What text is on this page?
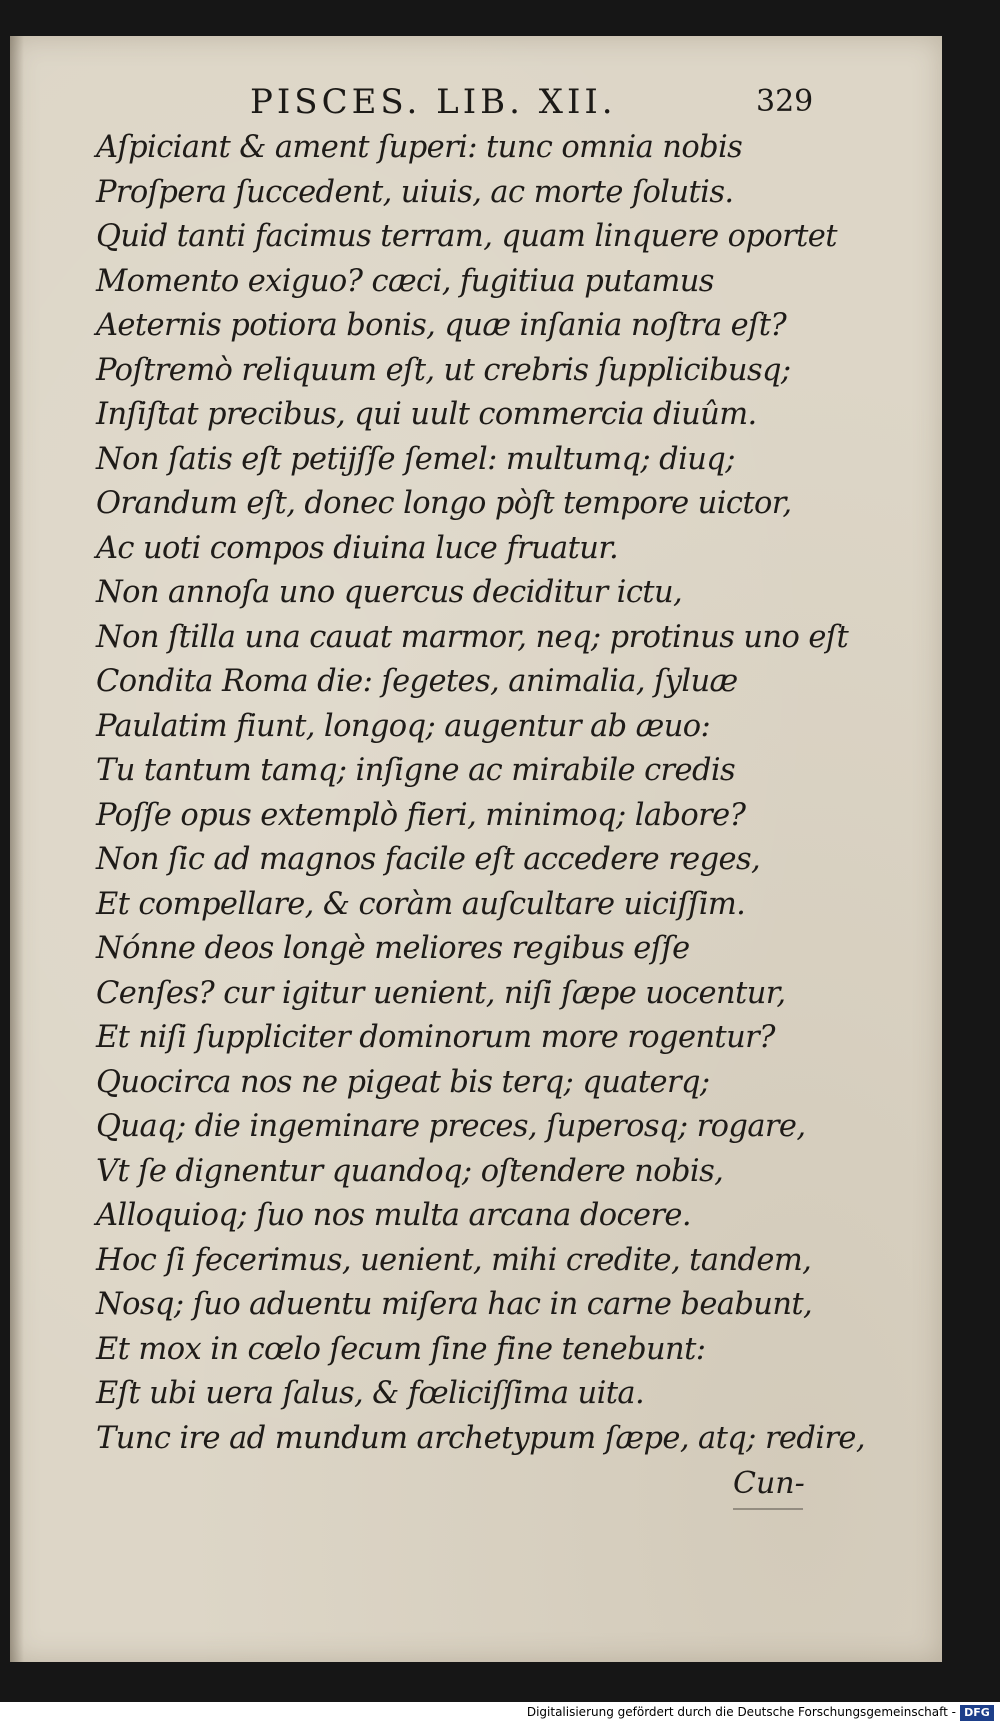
PISCES. LIB. XII.	329
Aſpiciant & ament ſuperi: tunc omnia nobis
Proſpera ſuccedent, uiuis, ac morte ſolutis.
Quid tanti facimus terram, quam linquere oportet
Momento exiguo? cæci, fugitiua putamus
Aeternis potiora bonis, quæ inſania noſtra eſt?
Poſtremò reliquum eſt, ut crebris ſupplicibusq;
Inſiſtat precibus, qui uult commercia diuûm.
Non ſatis eſt petijſſe ſemel: multumq; diuq;
Orandum eſt, donec longo pòſt tempore uictor,
Ac uoti compos diuina luce fruatur.
Non annoſa uno quercus deciditur ictu,
Non ſtilla una cauat marmor, neq; protinus uno eſt
Condita Roma die: ſegetes, animalia, ſyluæ
Paulatim fiunt, longoq; augentur ab æuo:
Tu tantum tamq; inſigne ac mirabile credis
Poſſe opus extemplò fieri, minimoq; labore?
Non ſic ad magnos facile eſt accedere reges,
Et compellare, & coràm auſcultare uiciſſim.
Nónne deos longè meliores regibus eſſe
Cenſes? cur igitur uenient, niſi ſæpe uocentur,
Et niſi ſuppliciter dominorum more rogentur?
Quocirca nos ne pigeat bis terq; quaterq;
Quaq; die ingeminare preces, ſuperosq; rogare,
Vt ſe dignentur quandoq; oſtendere nobis,
Alloquioq; ſuo nos multa arcana docere.
Hoc ſi fecerimus, uenient, mihi credite, tandem,
Nosq; ſuo aduentu miſera hac in carne beabunt,
Et mox in cœlo ſecum ſine fine tenebunt:
Eſt ubi uera ſalus, & fœliciſſima uita.
Tunc ire ad mundum archetypum ſæpe, atq; redire,
Cun-
Digitalisierung gefördert durch die Deutsche Forschungsgemeinschaft - DFG
